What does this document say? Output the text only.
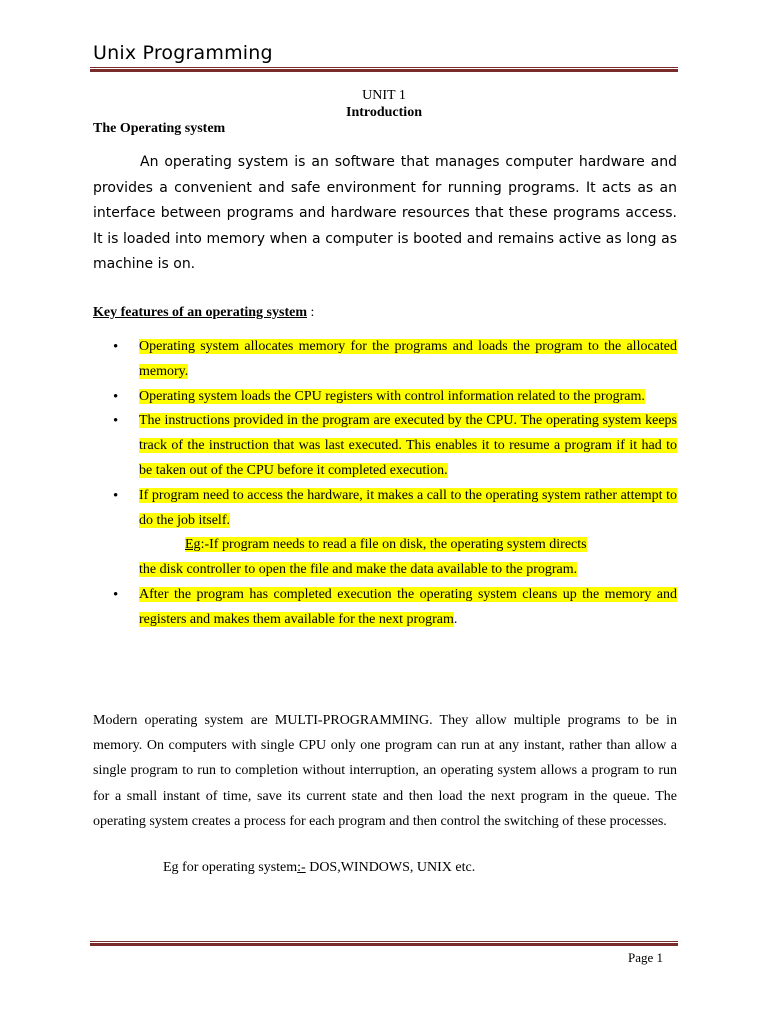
Unix Programming
UNIT 1
Introduction
The Operating system
An operating system is an software that manages computer hardware and provides a convenient and safe environment for running programs. It acts as an interface between programs and hardware resources that these programs access. It is loaded into memory when a computer is booted and remains active as long as machine is on.
Key features of an operating system :
• Operating system allocates memory for the programs and loads the program to the allocated memory.
• Operating system loads the CPU registers with control information related to the program.
• The instructions provided in the program are executed by the CPU. The operating system keeps track of the instruction that was last executed. This enables it to resume a program if it had to be taken out of the CPU before it completed execution.
• If program need to access the hardware, it makes a call to the operating system rather attempt to do the job itself.
Eg:-If program needs to read a file on disk, the operating system directs
the disk controller to open the file and make the data available to the program.
• After the program has completed execution the operating system cleans up the memory and registers and makes them available for the next program.
Modern operating system are MULTI-PROGRAMMING. They allow multiple programs to be in memory. On computers with single CPU only one program can run at any instant, rather than allow a single program to run to completion without interruption, an operating system allows a program to run for a small instant of time, save its current state and then load the next program in the queue. The operating system creates a process for each program and then control the switching of these processes.
Eg for operating system:- DOS,WINDOWS, UNIX etc.
Page 1
